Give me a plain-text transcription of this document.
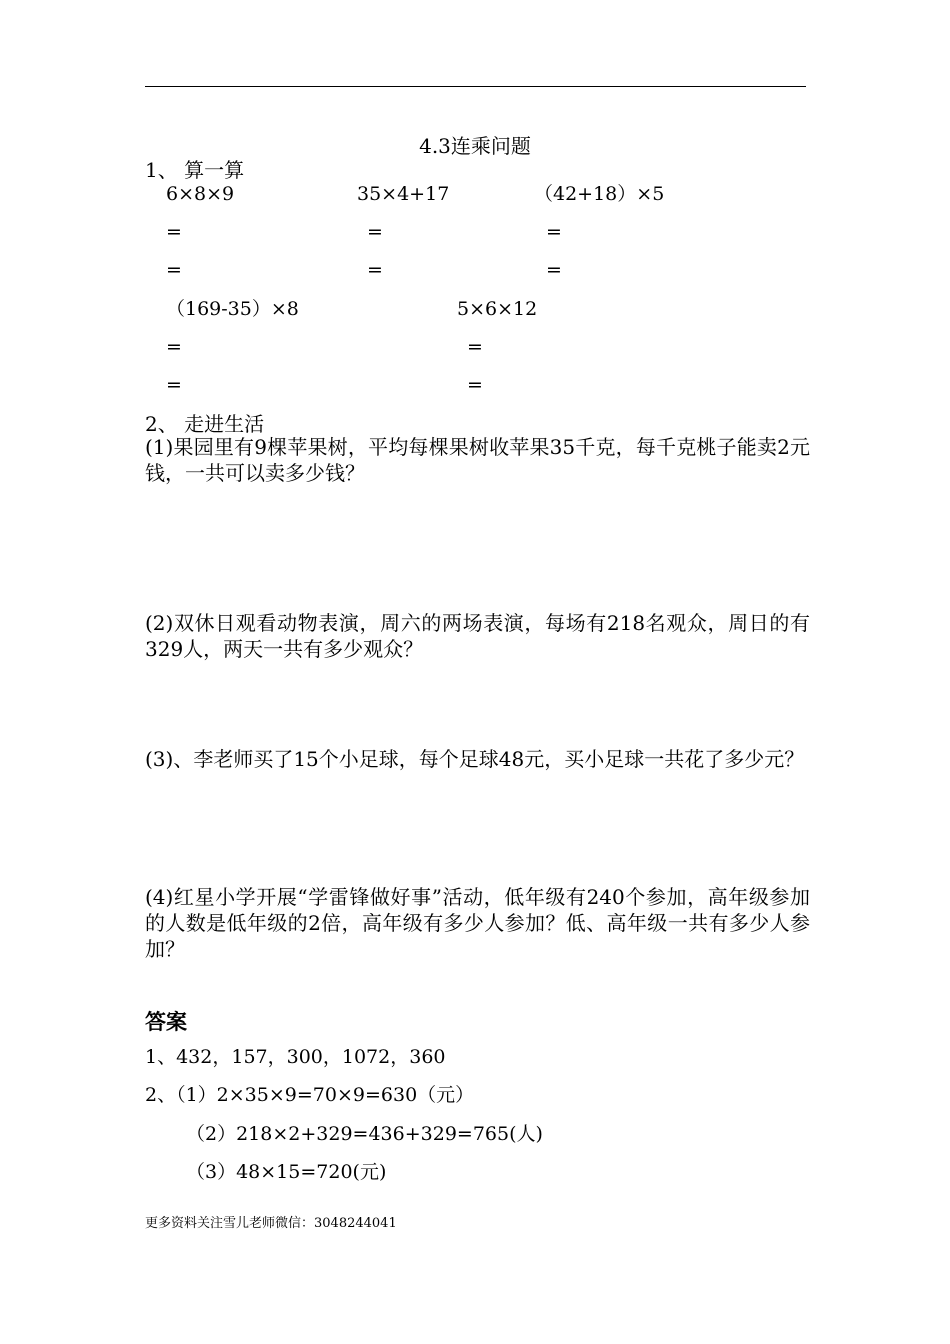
4.3连乘问题
1、 算一算
6×8×9	35×4+17	（42+18）×5
=	=	=
=	=	=
（169-35）×8	5×6×12
=	=
=	=
2、 走进生活
(1)果园里有9棵苹果树，平均每棵果树收苹果35千克，每千克桃子能卖2元钱，一共可以卖多少钱？
(2)双休日观看动物表演，周六的两场表演，每场有218名观众，周日的有329人，两天一共有多少观众？
(3)、李老师买了15个小足球，每个足球48元，买小足球一共花了多少元？
(4)红星小学开展“学雷锋做好事”活动，低年级有240个参加，高年级参加的人数是低年级的2倍，高年级有多少人参加？低、高年级一共有多少人参加？
答案
1、432，157，300，1072，360
2、（1）2×35×9=70×9=630（元）
（2）218×2+329=436+329=765(人)
（3）48×15=720(元)
更多资料关注雪儿老师微信：3048244041
